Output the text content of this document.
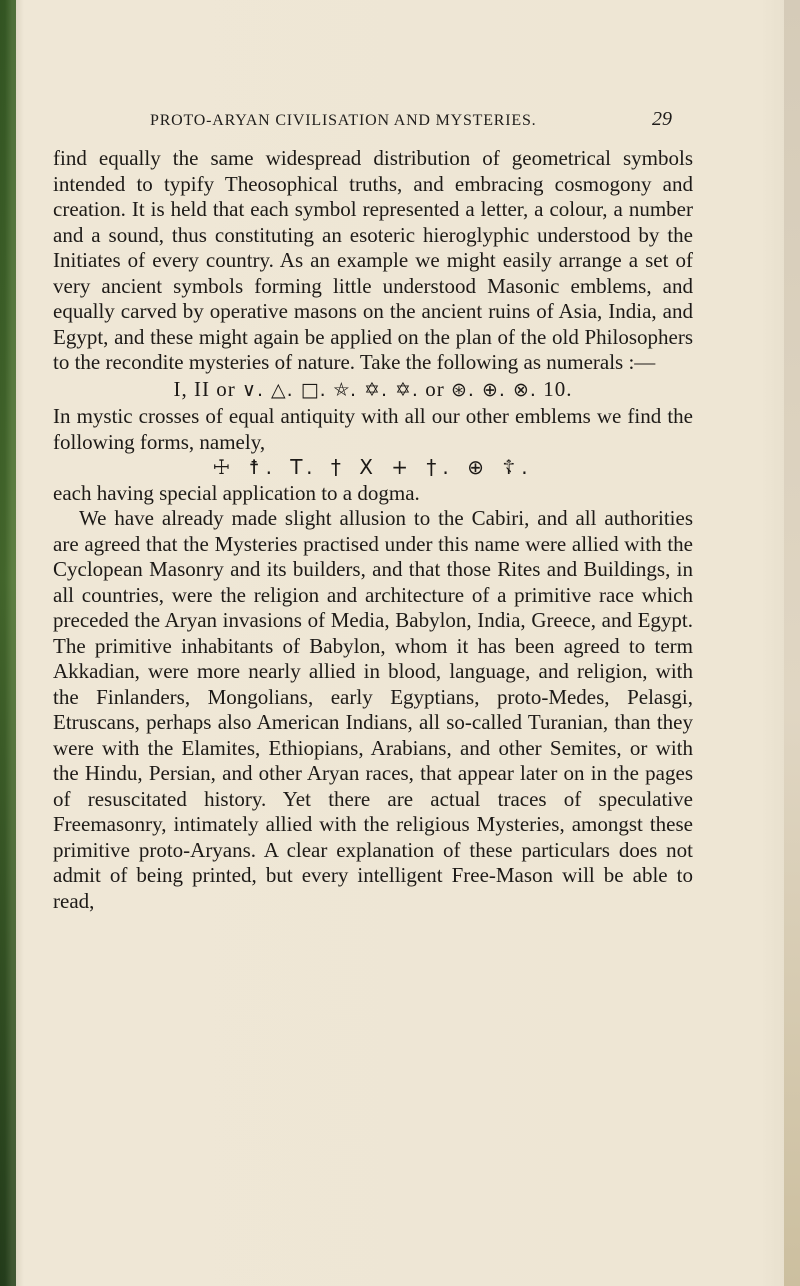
PROTO-ARYAN CIVILISATION AND MYSTERIES.	29

find equally the same widespread distribution of geometrical symbols intended to typify Theosophical truths, and embracing cosmogony and creation. It is held that each symbol represented a letter, a colour, a number and a sound, thus constituting an esoteric hieroglyphic understood by the Initiates of every country. As an example we might easily arrange a set of very ancient symbols forming little understood Masonic emblems, and equally carved by operative masons on the ancient ruins of Asia, India, and Egypt, and these might again be applied on the plan of the old Philosophers to the recondite mysteries of nature. Take the following as numerals :—

I, II or ∨. △. □. ⛤. ✡. ✡. or ⊛. ⊕. ⊗. 10.

In mystic crosses of equal antiquity with all our other emblems we find the following forms, namely,

☩ ☨. T. † X + †. ⊕ ☦.

each having special application to a dogma.

We have already made slight allusion to the Cabiri, and all authorities are agreed that the Mysteries practised under this name were allied with the Cyclopean Masonry and its builders, and that those Rites and Buildings, in all countries, were the religion and architecture of a primitive race which preceded the Aryan invasions of Media, Babylon, India, Greece, and Egypt. The primitive inhabitants of Babylon, whom it has been agreed to term Akkadian, were more nearly allied in blood, language, and religion, with the Finlanders, Mongolians, early Egyptians, proto-Medes, Pelasgi, Etruscans, perhaps also American Indians, all so-called Turanian, than they were with the Elamites, Ethiopians, Arabians, and other Semites, or with the Hindu, Persian, and other Aryan races, that appear later on in the pages of resuscitated history. Yet there are actual traces of speculative Freemasonry, intimately allied with the religious Mysteries, amongst these primitive proto-Aryans. A clear explanation of these particulars does not admit of being printed, but every intelligent Free-Mason will be able to read,
